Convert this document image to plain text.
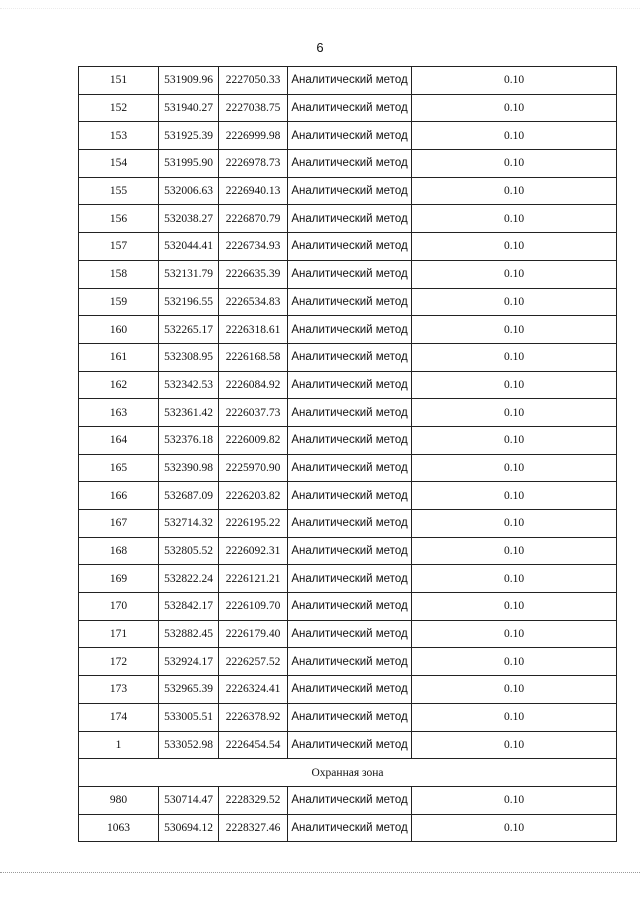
6
151	531909.96	2227050.33	Аналитический метод	0.10
152	531940.27	2227038.75	Аналитический метод	0.10
153	531925.39	2226999.98	Аналитический метод	0.10
154	531995.90	2226978.73	Аналитический метод	0.10
155	532006.63	2226940.13	Аналитический метод	0.10
156	532038.27	2226870.79	Аналитический метод	0.10
157	532044.41	2226734.93	Аналитический метод	0.10
158	532131.79	2226635.39	Аналитический метод	0.10
159	532196.55	2226534.83	Аналитический метод	0.10
160	532265.17	2226318.61	Аналитический метод	0.10
161	532308.95	2226168.58	Аналитический метод	0.10
162	532342.53	2226084.92	Аналитический метод	0.10
163	532361.42	2226037.73	Аналитический метод	0.10
164	532376.18	2226009.82	Аналитический метод	0.10
165	532390.98	2225970.90	Аналитический метод	0.10
166	532687.09	2226203.82	Аналитический метод	0.10
167	532714.32	2226195.22	Аналитический метод	0.10
168	532805.52	2226092.31	Аналитический метод	0.10
169	532822.24	2226121.21	Аналитический метод	0.10
170	532842.17	2226109.70	Аналитический метод	0.10
171	532882.45	2226179.40	Аналитический метод	0.10
172	532924.17	2226257.52	Аналитический метод	0.10
173	532965.39	2226324.41	Аналитический метод	0.10
174	533005.51	2226378.92	Аналитический метод	0.10
1	533052.98	2226454.54	Аналитический метод	0.10
Охранная зона				
980	530714.47	2228329.52	Аналитический метод	0.10
1063	530694.12	2228327.46	Аналитический метод	0.10
